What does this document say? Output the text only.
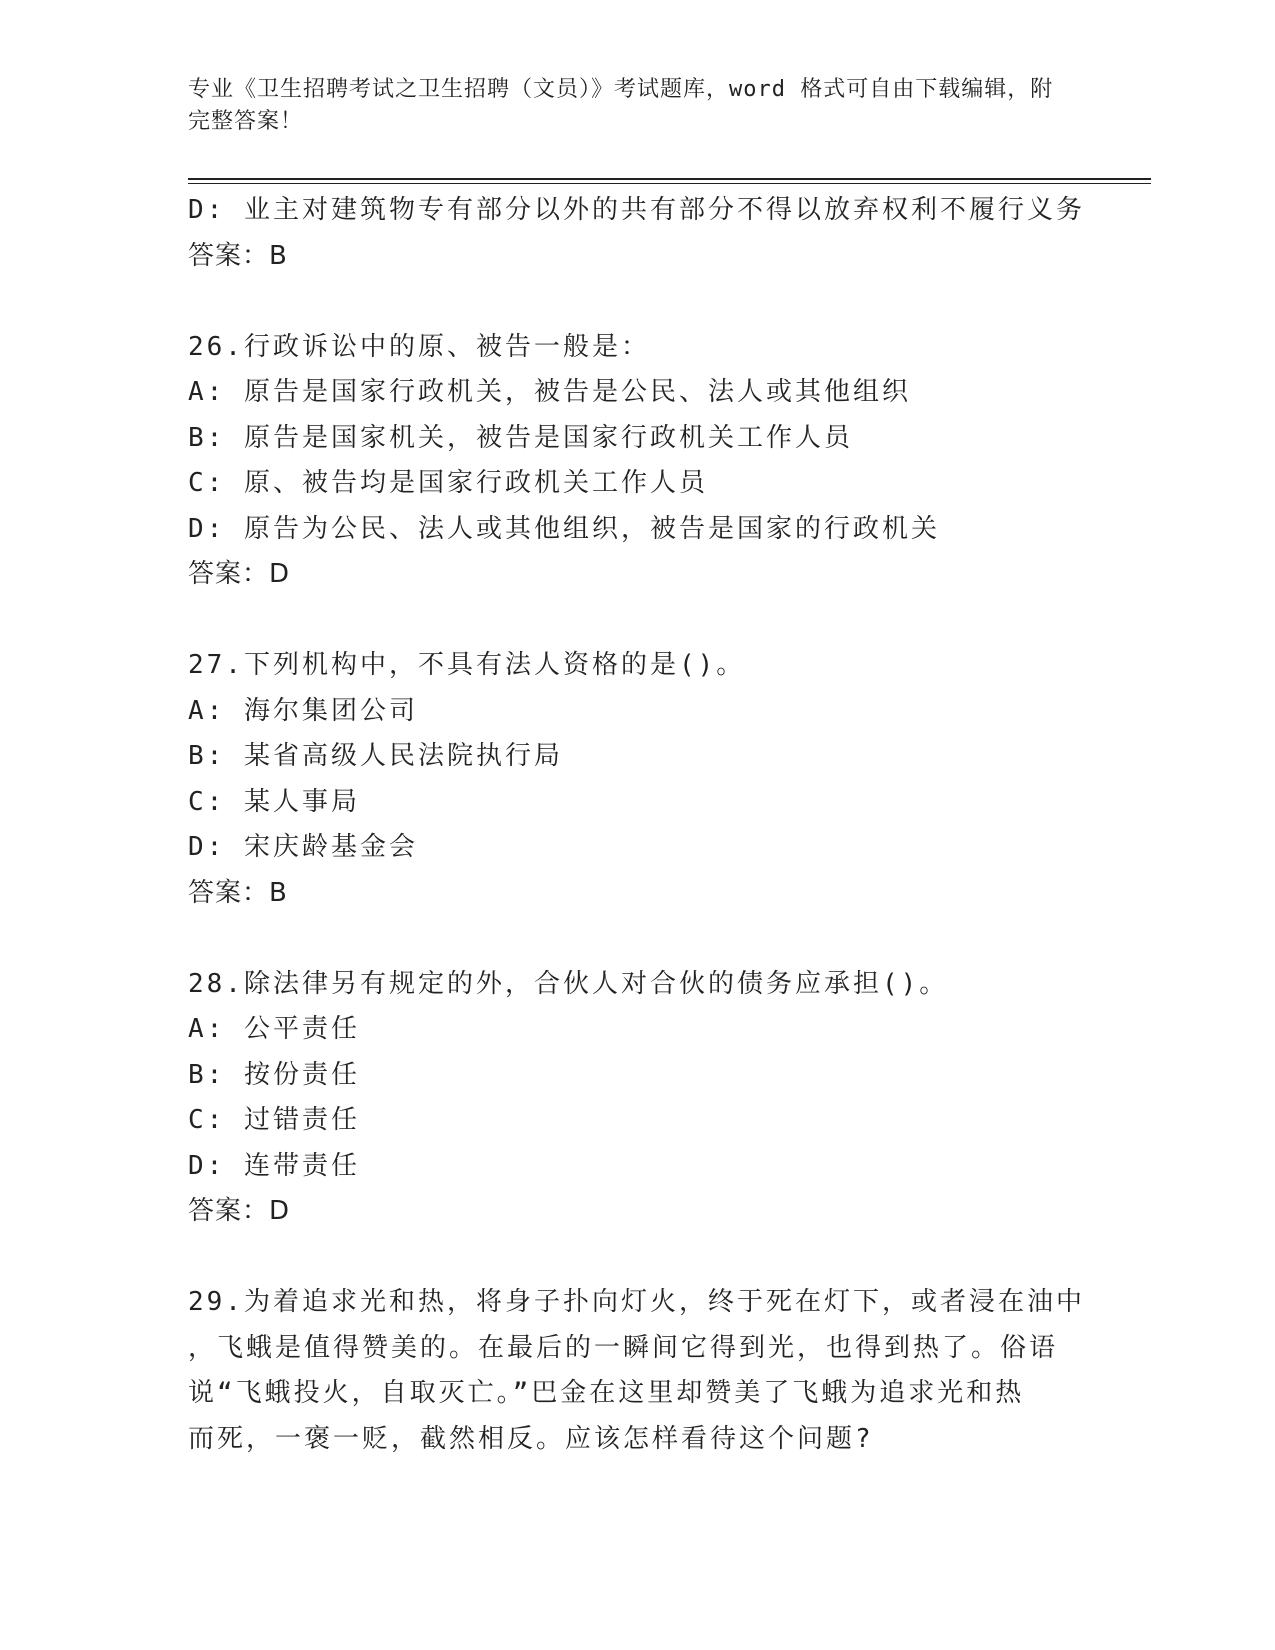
专业《卫生招聘考试之卫生招聘（文员）》考试题库，word 格式可自由下载编辑，附完整答案！
D: 业主对建筑物专有部分以外的共有部分不得以放弃权利不履行义务
答案：B
26.行政诉讼中的原、被告一般是：
A: 原告是国家行政机关，被告是公民、法人或其他组织
B: 原告是国家机关，被告是国家行政机关工作人员
C: 原、被告均是国家行政机关工作人员
D: 原告为公民、法人或其他组织，被告是国家的行政机关
答案：D
27.下列机构中，不具有法人资格的是()。
A: 海尔集团公司
B: 某省高级人民法院执行局
C: 某人事局
D: 宋庆龄基金会
答案：B
28.除法律另有规定的外，合伙人对合伙的债务应承担()。
A: 公平责任
B: 按份责任
C: 过错责任
D: 连带责任
答案：D
29.为着追求光和热，将身子扑向灯火，终于死在灯下，或者浸在油中
，飞蛾是值得赞美的。在最后的一瞬间它得到光，也得到热了。俗语
说“飞蛾投火，自取灭亡。”巴金在这里却赞美了飞蛾为追求光和热
而死，一褒一贬，截然相反。应该怎样看待这个问题?
